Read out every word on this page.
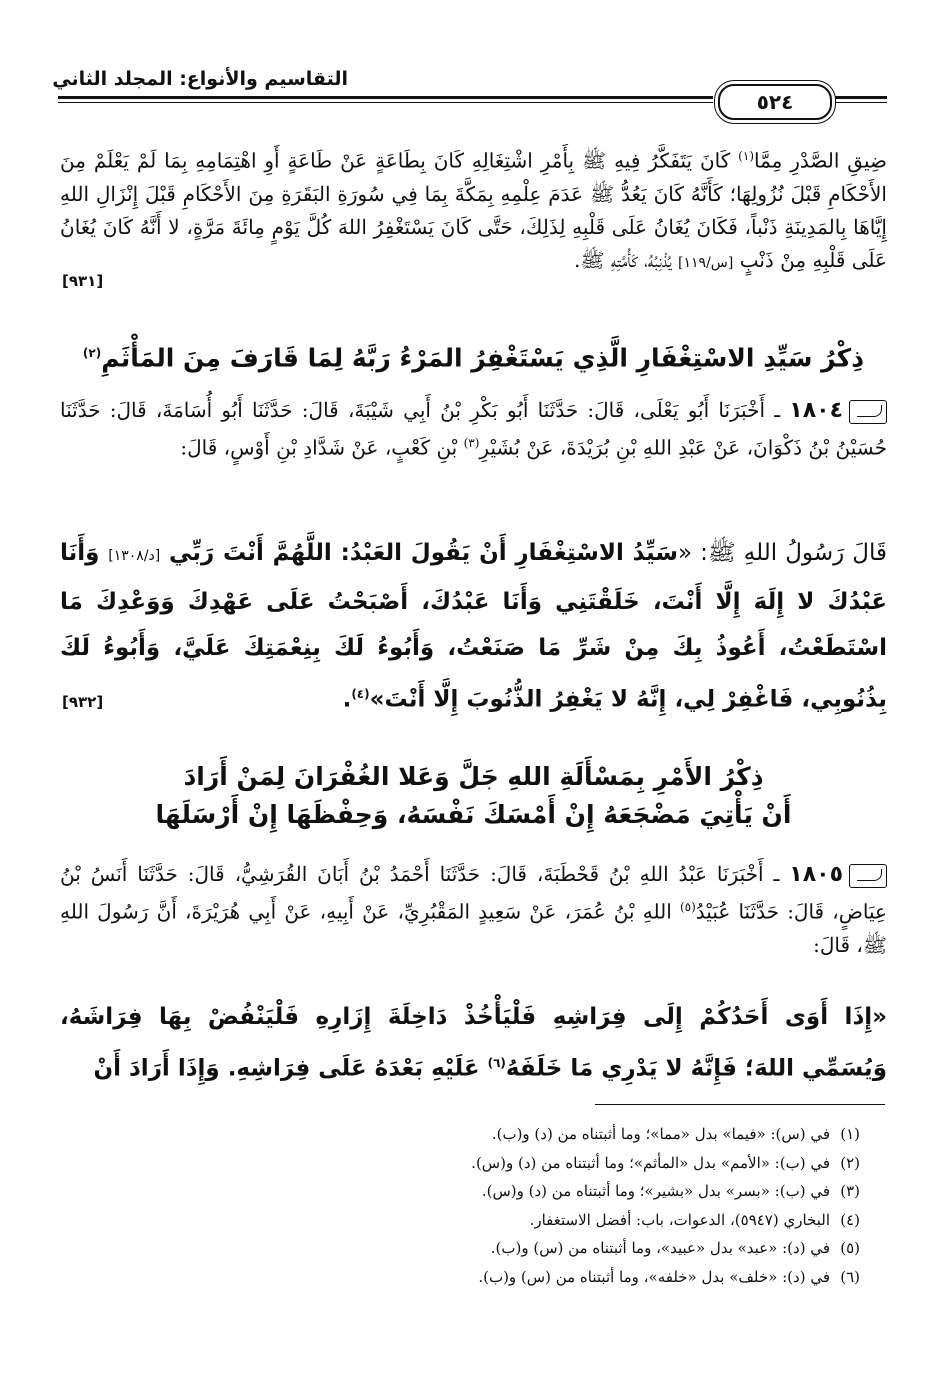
التقاسيم والأنواع: المجلد الثاني
٥٢٤
ضِيقِ الصَّدْرِ مِمَّا$^{(١)}$ كَانَ يَتَفَكَّرُ فِيهِ ﷺ بِأَمْرِ اشْتِغَالِهِ كَانَ بِطَاعَةٍ عَنْ طَاعَةٍ أَوِ اهْتِمَامِهِ بِمَا لَمْ يَعْلَمْ مِنَ الأَحْكَامِ قَبْلَ نُزُولِهَا؛ كَأَنَّهُ كَانَ يَعُدُّ ﷺ عَدَمَ عِلْمِهِ بِمَكَّةَ بِمَا فِي سُورَةِ البَقَرَةِ مِنَ الأَحْكَامِ قَبْلَ إِنْزَالِ اللهِ إِيَّاهَا بِالمَدِينَةِ ذَنْباً، فَكَانَ يُغَانُ عَلَى قَلْبِهِ لِذَلِكَ، حَتَّى كَانَ يَسْتَغْفِرُ اللهَ كُلَّ يَوْمٍ مِائَةَ مَرَّةٍ، لا أَنَّهُ كَانَ يُغَانُ عَلَى قَلْبِهِ مِنْ ذَنْبٍ [س/١١٩] يُذْنِبُهُ، كَأُمَّتِهِ ﷺ.
[٩٣١]
ذِكْرُ سَيِّدِ الاسْتِغْفَارِ الَّذِي يَسْتَغْفِرُ المَرْءُ رَبَّهُ لِمَا قَارَفَ مِنَ المَأْثَمِ$^{(٢)}$
١٨٠٤ ـ أَخْبَرَنَا أَبُو يَعْلَى، قَالَ: حَدَّثَنَا أَبُو بَكْرِ بْنُ أَبِي شَيْبَةَ، قَالَ: حَدَّثَنَا أَبُو أُسَامَةَ، قَالَ: حَدَّثَنَا حُسَيْنُ بْنُ ذَكْوَانَ، عَنْ عَبْدِ اللهِ بْنِ بُرَيْدَةَ، عَنْ بُشَيْرِ$^{(٣)}$ بْنِ كَعْبٍ، عَنْ شَدَّادِ بْنِ أَوْسٍ، قَالَ:
قَالَ رَسُولُ اللهِ ﷺ: «سَيِّدُ الاسْتِغْفَارِ أَنْ يَقُولَ العَبْدُ: اللَّهُمَّ أَنْتَ رَبِّي [د/١٣٠٨] وَأَنَا عَبْدُكَ لا إِلَهَ إِلَّا أَنْتَ، خَلَقْتَنِي وَأَنَا عَبْدُكَ، أَصْبَحْتُ عَلَى عَهْدِكَ وَوَعْدِكَ مَا اسْتَطَعْتُ، أَعُوذُ بِكَ مِنْ شَرِّ مَا صَنَعْتُ، وَأَبُوءُ لَكَ بِنِعْمَتِكَ عَلَيَّ، وَأَبُوءُ لَكَ بِذُنُوبِي، فَاغْفِرْ لِي، إِنَّهُ لا يَغْفِرُ الذُّنُوبَ إِلَّا أَنْتَ»$^{(٤)}$.
[٩٣٢]
ذِكْرُ الأَمْرِ بِمَسْأَلَةِ اللهِ جَلَّ وَعَلا الغُفْرَانَ لِمَنْ أَرَادَ
أَنْ يَأْتِيَ مَضْجَعَهُ إِنْ أَمْسَكَ نَفْسَهُ، وَحِفْظَهَا إِنْ أَرْسَلَهَا
١٨٠٥ ـ أَخْبَرَنَا عَبْدُ اللهِ بْنُ قَحْطَبَةَ، قَالَ: حَدَّثَنَا أَحْمَدُ بْنُ أَبَانَ القُرَشِيُّ، قَالَ: حَدَّثَنَا أَنَسُ بْنُ عِيَاضٍ، قَالَ: حَدَّثَنَا عُبَيْدُ$^{(٥)}$ اللهِ بْنُ عُمَرَ، عَنْ سَعِيدٍ المَقْبُرِيِّ، عَنْ أَبِيهِ، عَنْ أَبِي هُرَيْرَةَ، أَنَّ رَسُولَ اللهِ ﷺ، قَالَ:
«إِذَا أَوَى أَحَدُكُمْ إِلَى فِرَاشِهِ فَلْيَأْخُذْ دَاخِلَةَ إِزَارِهِ فَلْيَنْفُضْ بِهَا فِرَاشَهُ، وَيُسَمِّي اللهَ؛ فَإِنَّهُ لا يَدْرِي مَا خَلَفَهُ$^{(٦)}$ عَلَيْهِ بَعْدَهُ عَلَى فِرَاشِهِ. وَإِذَا أَرَادَ أَنْ
(١)في (س): «فيما» بدل «مما»؛ وما أثبتناه من (د) و(ب).
(٢)في (ب): «الأمم» بدل «المأثم»؛ وما أثبتناه من (د) و(س).
(٣)في (ب): «بسر» بدل «بشير»؛ وما أثبتناه من (د) و(س).
(٤)البخاري (٥٩٤٧)، الدعوات، باب: أفضل الاستغفار.
(٥)في (د): «عبد» بدل «عبيد»، وما أثبتناه من (س) و(ب).
(٦)في (د): «خلف» بدل «خلفه»، وما أثبتناه من (س) و(ب).
